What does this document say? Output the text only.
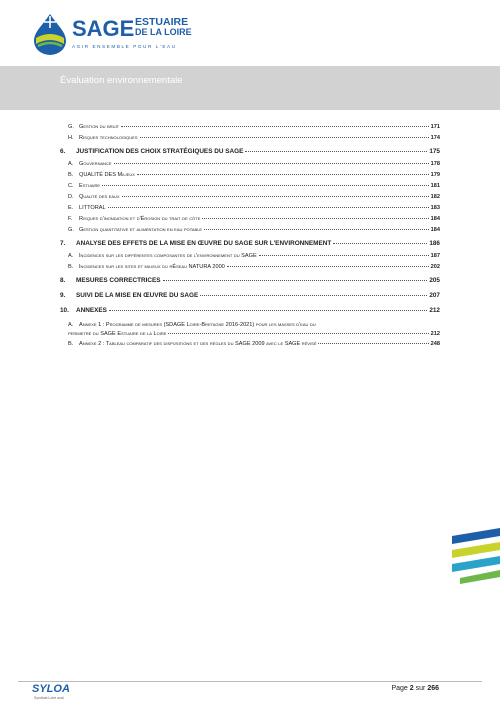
SAGE ESTUAIRE
DE LA LOIRE
AGIR ENSEMBLE POUR L'EAU
Évaluation environnementale
G. Gestion du bruit	171
H. Risques technologiques	174
6.	JUSTIFICATION DES CHOIX STRATÉGIQUES DU SAGE	175
A.	Gouvernance	178
B.	QUALITÉ DES Milieux	179
C. Estuaire	181
D. Qualité des eaux	182
E.	LITTORAL	183
F.	Risques d'inondation et d'Érosion du trait de côte	184
G. Gestion quantitative et alimentation en eau potable	184
7.	ANALYSE DES EFFETS DE LA MISE EN ŒUVRE DU SAGE SUR L'ENVIRONNEMENT	186
A.	Incidences sur les différentes composantes de l'environnement du SAGE	187
B.	Incidences sur les sites et milieux du rÉseau NATURA 2000	202
8.	MESURES CORRECTRICES	205
9.	SUIVI DE LA MISE EN ŒUVRE DU SAGE	207
10.	ANNEXES	212
A.	Annexe 1 : Programme de mesures (SDAGE Loire-Bretagne 2016-2021) pour les masses d'eau du
perimetre du SAGE Estuaire de la Loire	212
B.	Annexe 2 : Tableau comparatif des dispositions et des règles du SAGE 2009 avec le SAGE révisé	248
SYLOA
Syndicat Loire aval
Page 2 sur 266
